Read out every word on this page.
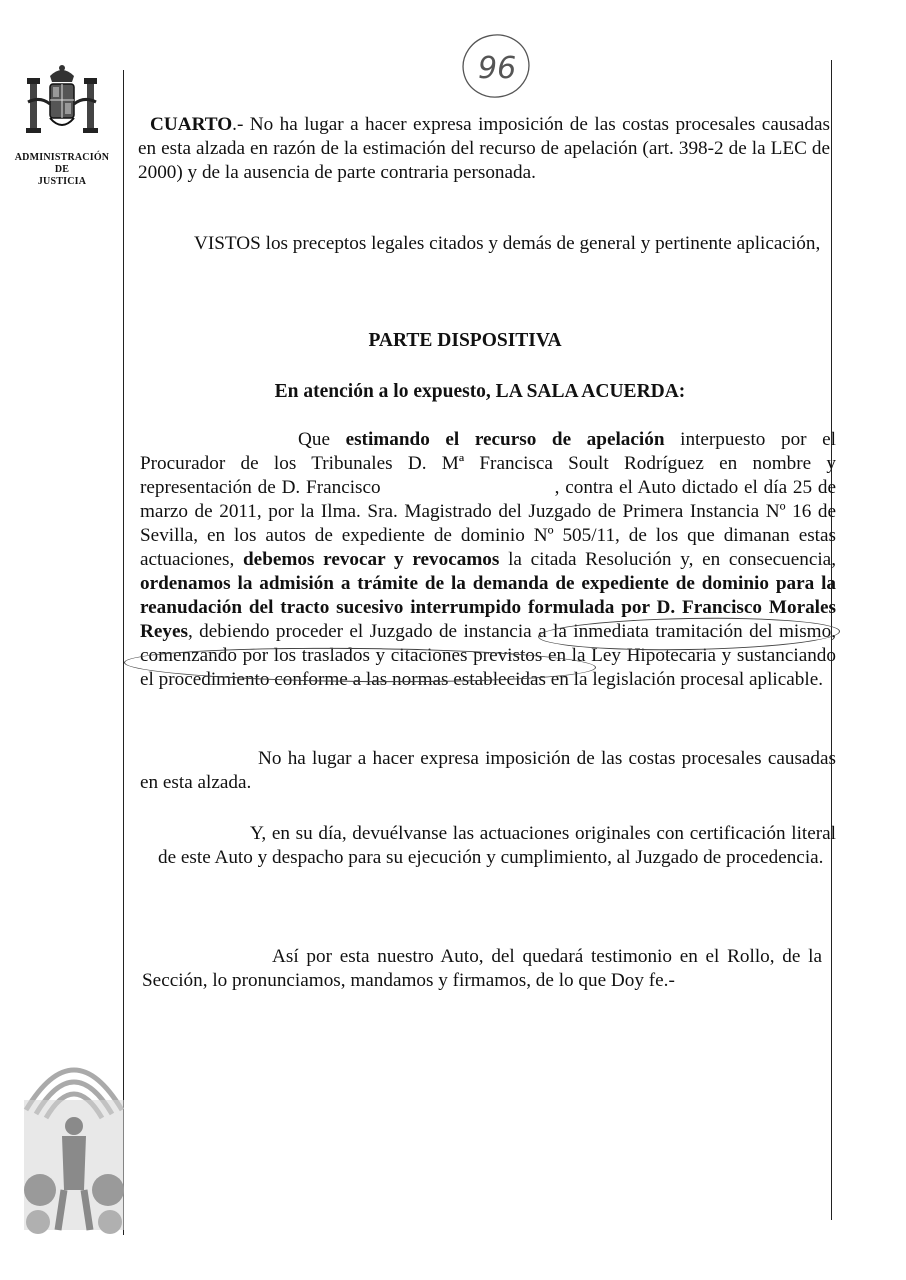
ADMINISTRACIÓN
DE
JUSTICIA
96
CUARTO.- No ha lugar a hacer expresa imposición de las costas procesales causadas en esta alzada en razón de la estimación del recurso de apelación (art. 398-2 de la LEC de 2000) y de la ausencia de parte contraria personada.
VISTOS los preceptos legales citados y demás de general y pertinente aplicación,
PARTE DISPOSITIVA
En atención a lo expuesto, LA SALA ACUERDA:
Que estimando el recurso de apelación interpuesto por el Procurador de los Tribunales D. Mª Francisca Soult Rodríguez en nombre y representación de D. Francisco                              , contra el Auto dictado el día 25 de marzo de 2011, por la Ilma. Sra. Magistrado del Juzgado de Primera Instancia Nº 16 de Sevilla, en los autos de expediente de dominio Nº 505/11, de los que dimanan estas actuaciones, debemos revocar y revocamos la citada Resolución y, en consecuencia, ordenamos la admisión a trámite de la demanda de expediente de dominio para la reanudación del tracto sucesivo interrumpido formulada por D. Francisco Morales Reyes, debiendo proceder el Juzgado de instancia a la inmediata tramitación del mismo, comenzando por los traslados y citaciones previstos en la Ley Hipotecaria y sustanciando el procedimiento conforme a las normas establecidas en la legislación procesal aplicable.
No ha lugar a hacer expresa imposición de las costas procesales causadas en esta alzada.
Y, en su día, devuélvanse las actuaciones originales con certificación literal de este Auto y despacho para su ejecución y cumplimiento, al Juzgado de procedencia.
Así por esta nuestro Auto, del quedará testimonio en el Rollo, de la Sección, lo pronunciamos, mandamos y firmamos, de lo que Doy fe.-
